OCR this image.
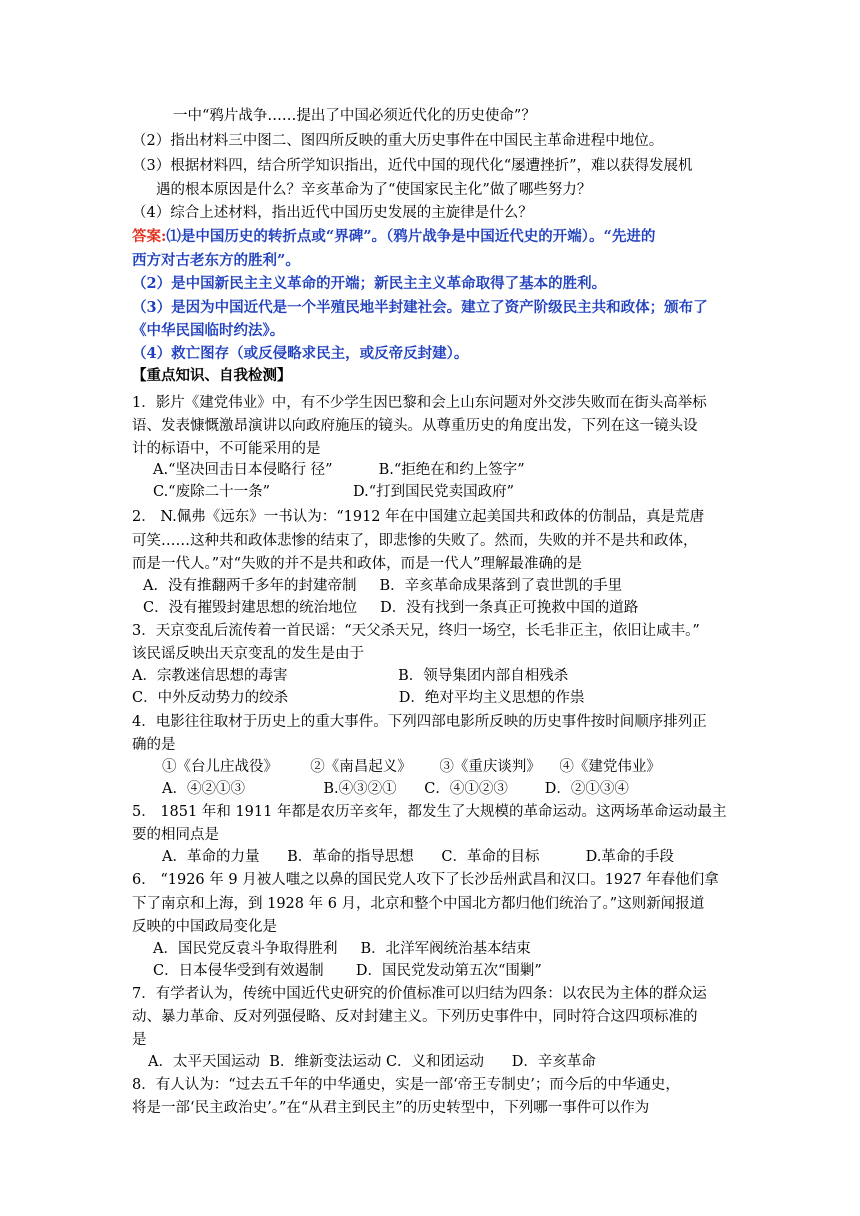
一中“鸦片战争……提出了中国必须近代化的历史使命”？
（2）指出材料三中图二、图四所反映的重大历史事件在中国民主革命进程中地位。
（3）根据材料四，结合所学知识指出，近代中国的现代化“屡遭挫折”，难以获得发展机
遇的根本原因是什么？辛亥革命为了“使国家民主化”做了哪些努力？
（4）综合上述材料，指出近代中国历史发展的主旋律是什么？
答案:⑴是中国历史的转折点或“界碑”。（鸦片战争是中国近代史的开端）。“先进的
西方对古老东方的胜利”。
（2）是中国新民主主义革命的开端；新民主主义革命取得了基本的胜利。
（3）是因为中国近代是一个半殖民地半封建社会。建立了资产阶级民主共和政体；颁布了
《中华民国临时约法》。
（4）救亡图存（或反侵略求民主，或反帝反封建）。
【重点知识、自我检测】
1．影片《建党伟业》中，有不少学生因巴黎和会上山东问题对外交涉失败而在街头高举标
语、发表慷慨激昂演讲以向政府施压的镜头。从尊重历史的角度出发，下列在这一镜头设
计的标语中，不可能采用的是
A.“坚决回击日本侵略行 径”          B.“拒绝在和约上签字”
C.“废除二十一条”                  D.“打到国民党卖国政府”
2． N.佩弗《远东》一书认为：“1912 年在中国建立起美国共和政体的仿制品，真是荒唐
可笑……这种共和政体悲惨的结束了，即悲惨的失败了。然而，失败的并不是共和政体，
而是一代人。”对“失败的并不是共和政体，而是一代人”理解最准确的是
A．没有推翻两千多年的封建帝制     B．辛亥革命成果落到了袁世凯的手里
C．没有摧毁封建思想的统治地位     D．没有找到一条真正可挽救中国的道路
3．天京变乱后流传着一首民谣：“天父杀天兄，终归一场空，长毛非正主，依旧让咸丰。”
该民谣反映出天京变乱的发生是由于
A．宗教迷信思想的毒害                        B．领导集团内部自相残杀
C．中外反动势力的绞杀                        D．绝对平均主义思想的作祟
4．电影往往取材于历史上的重大事件。下列四部电影所反映的历史事件按时间顺序排列正
确的是
①《台儿庄战役》       ②《南昌起义》      ③《重庆谈判》    ④《建党伟业》
A．④②①③                 B.④③②①      C．④①②③        D．②①③④
5． 1851 年和 1911 年都是农历辛亥年，都发生了大规模的革命运动。这两场革命运动最主
要的相同点是
A．革命的力量      B．革命的指导思想      C．革命的目标          D.革命的手段
6． “1926 年 9 月被人嗤之以鼻的国民党人攻下了长沙岳州武昌和汉口。1927 年春他们拿
下了南京和上海，到 1928 年 6 月，北京和整个中国北方都归他们统治了。”这则新闻报道
反映的中国政局变化是
A．国民党反袁斗争取得胜利     B．北洋军阀统治基本结束
C．日本侵华受到有效遏制       D．国民党发动第五次“围剿”
7．有学者认为，传统中国近代史研究的价值标准可以归结为四条：以农民为主体的群众运
动、暴力革命、反对列强侵略、反对封建主义。下列历史事件中，同时符合这四项标准的
是
A．太平天国运动  B．维新变法运动 C．义和团运动      D．辛亥革命
8．有人认为：“过去五千年的中华通史，实是一部‘帝王专制史’；而今后的中华通史，
将是一部‘民主政治史’。”在“从君主到民主”的历史转型中，下列哪一事件可以作为
